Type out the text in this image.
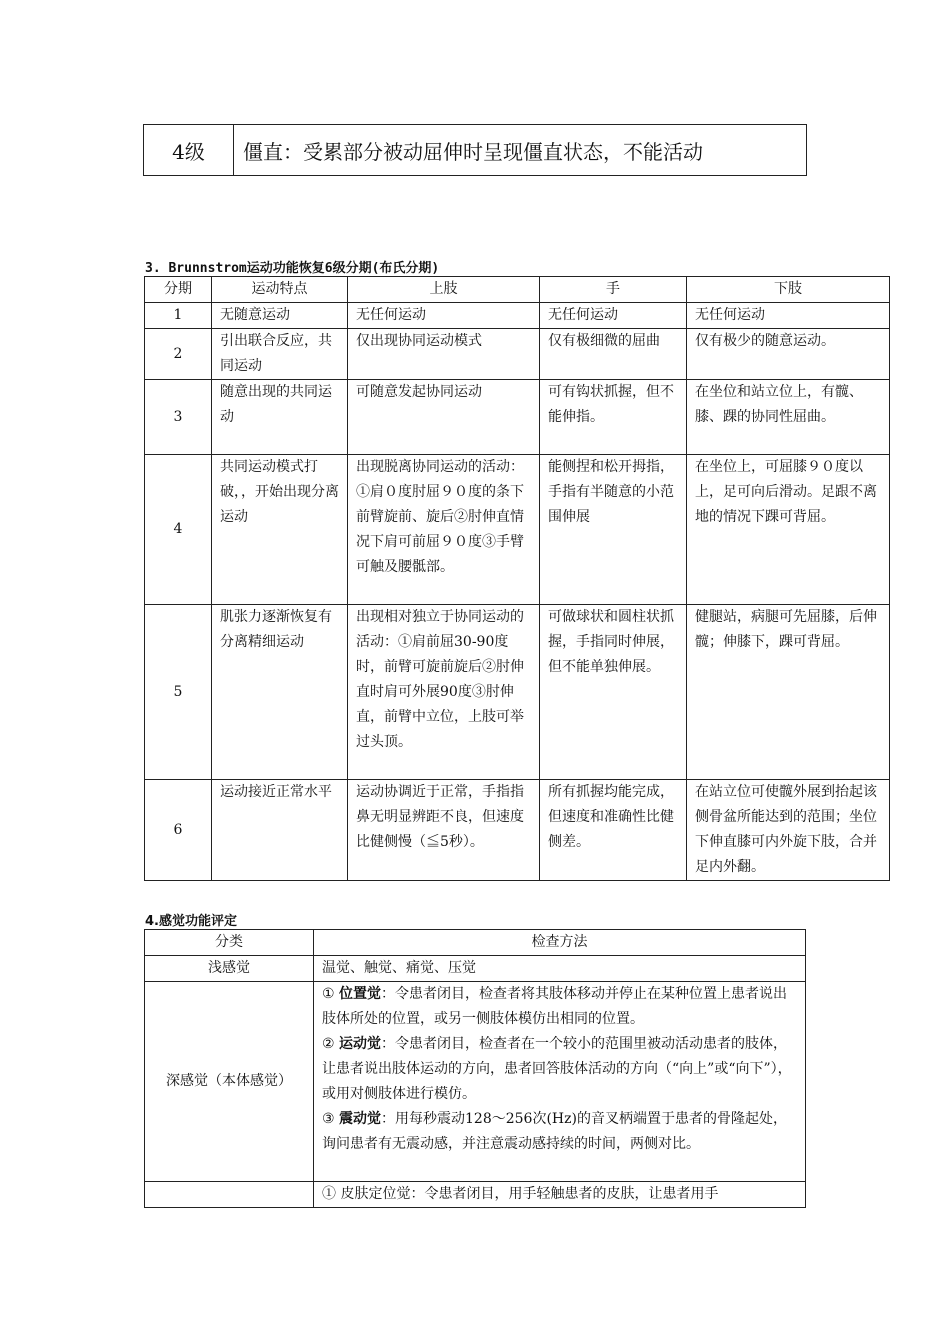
4级	僵直：受累部分被动屈伸时呈现僵直状态，不能活动
3. Brunnstrom运动功能恢复6级分期(布氏分期)
分期	运动特点	上肢	手	下肢
1	无随意运动	无任何运动	无任何运动	无任何运动
2	引出联合反应，共同运动	仅出现协同运动模式	仅有极细微的屈曲	仅有极少的随意运动。
3	随意出现的共同运动	可随意发起协同运动	可有钩状抓握，但不能伸指。	在坐位和站立位上，有髋、膝、踝的协同性屈曲。
4	共同运动模式打破，，开始出现分离运动	出现脱离协同运动的活动：①肩０度肘屈９０度的条下前臂旋前、旋后②肘伸直情况下肩可前屈９０度③手臂可触及腰骶部。	能侧捏和松开拇指，手指有半随意的小范围伸展	在坐位上，可屈膝９０度以上，足可向后滑动。足跟不离地的情况下踝可背屈。
5	肌张力逐渐恢复有分离精细运动	出现相对独立于协同运动的活动：①肩前屈30-90度时，前臂可旋前旋后②肘伸直时肩可外展90度③肘伸直，前臂中立位，上肢可举过头顶。	可做球状和圆柱状抓握，手指同时伸展，但不能单独伸展。	健腿站，病腿可先屈膝，后伸髋；伸膝下，踝可背屈。
6	运动接近正常水平	运动协调近于正常，手指指鼻无明显辨距不良，但速度比健侧慢（≦5秒）。	所有抓握均能完成，但速度和准确性比健侧差。	在站立位可使髋外展到抬起该侧骨盆所能达到的范围；坐位下伸直膝可内外旋下肢，合并足内外翻。
4.感觉功能评定
分类	检查方法
浅感觉	温觉、触觉、痛觉、压觉
深感觉（本体感觉）	① 位置觉：令患者闭目，检查者将其肢体移动并停止在某种位置上患者说出肢体所处的位置，或另一侧肢体模仿出相同的位置。
② 运动觉：令患者闭目，检查者在一个较小的范围里被动活动患者的肢体，让患者说出肢体运动的方向，患者回答肢体活动的方向（“向上”或“向下”），或用对侧肢体进行模仿。
③ 震动觉：用每秒震动128～256次(Hz)的音叉柄端置于患者的骨隆起处，询问患者有无震动感，并注意震动感持续的时间，两侧对比。

	① 皮肤定位觉：令患者闭目，用手轻触患者的皮肤，让患者用手
